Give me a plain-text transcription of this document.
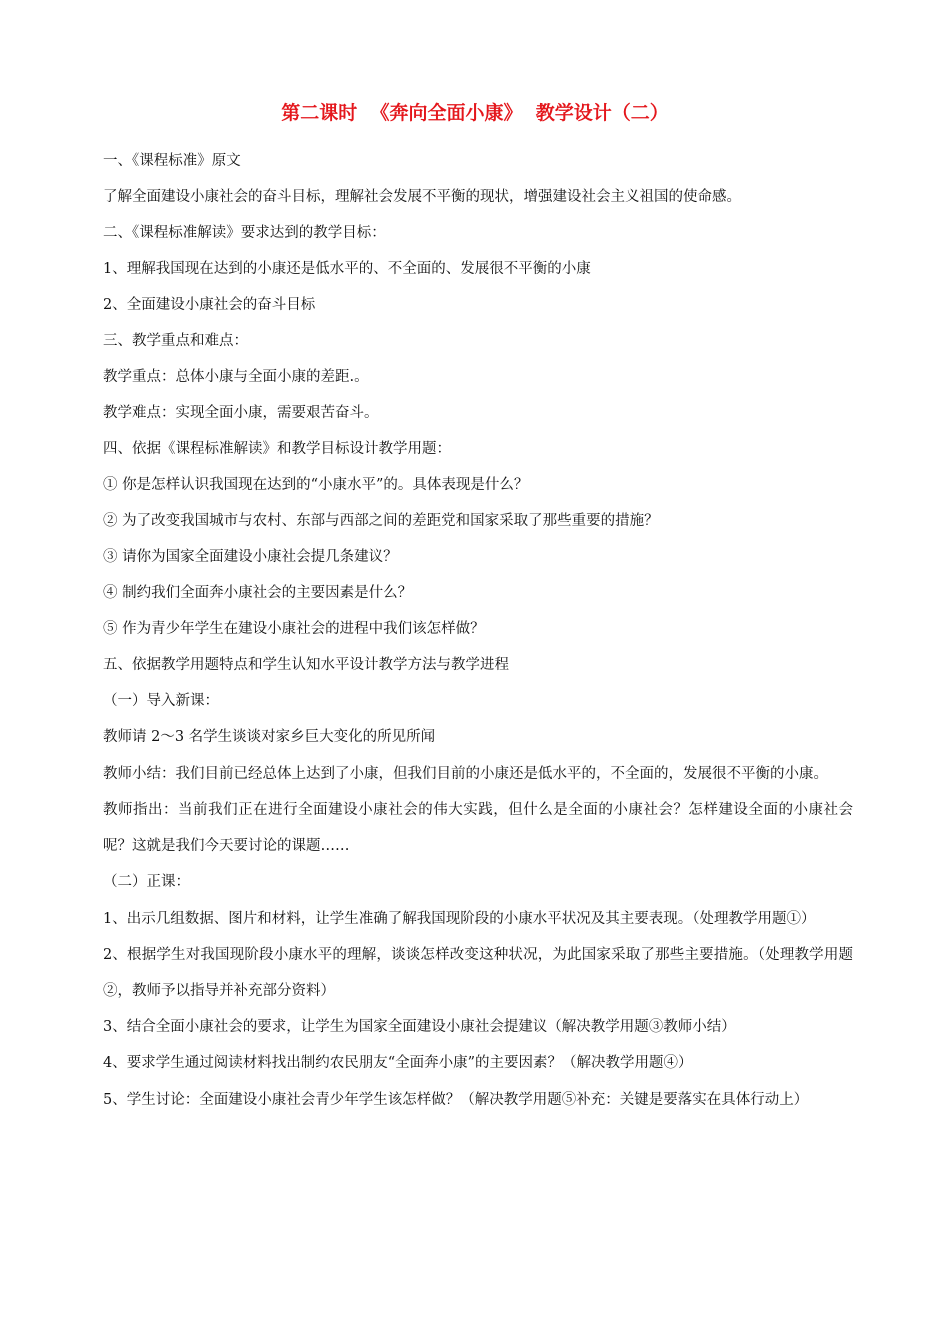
第二课时  《奔向全面小康》  教学设计（二）

一、《课程标准》原文

了解全面建设小康社会的奋斗目标，理解社会发展不平衡的现状，增强建设社会主义祖国的使命感。

二、《课程标准解读》要求达到的教学目标：

1、理解我国现在达到的小康还是低水平的、不全面的、发展很不平衡的小康

2、全面建设小康社会的奋斗目标

三、教学重点和难点：

教学重点：总体小康与全面小康的差距.。

教学难点：实现全面小康，需要艰苦奋斗。

四、依据《课程标准解读》和教学目标设计教学用题：

① 你是怎样认识我国现在达到的“小康水平”的。具体表现是什么？

② 为了改变我国城市与农村、东部与西部之间的差距党和国家采取了那些重要的措施？

③ 请你为国家全面建设小康社会提几条建议？

④ 制约我们全面奔小康社会的主要因素是什么？

⑤ 作为青少年学生在建设小康社会的进程中我们该怎样做？

五、依据教学用题特点和学生认知水平设计教学方法与教学进程

（一）导入新课：

教师请 2～3 名学生谈谈对家乡巨大变化的所见所闻

教师小结：我们目前已经总体上达到了小康，但我们目前的小康还是低水平的，不全面的，发展很不平衡的小康。

教师指出：当前我们正在进行全面建设小康社会的伟大实践，但什么是全面的小康社会？怎样建设全面的小康社会呢？这就是我们今天要讨论的课题……

（二）正课：

1、出示几组数据、图片和材料，让学生准确了解我国现阶段的小康水平状况及其主要表现。（处理教学用题①）

2、根据学生对我国现阶段小康水平的理解，谈谈怎样改变这种状况，为此国家采取了那些主要措施。（处理教学用题②，教师予以指导并补充部分资料）

3、结合全面小康社会的要求，让学生为国家全面建设小康社会提建议（解决教学用题③教师小结）

4、要求学生通过阅读材料找出制约农民朋友“全面奔小康”的主要因素？（解决教学用题④）

5、学生讨论：全面建设小康社会青少年学生该怎样做？（解决教学用题⑤补充：关键是要落实在具体行动上）
